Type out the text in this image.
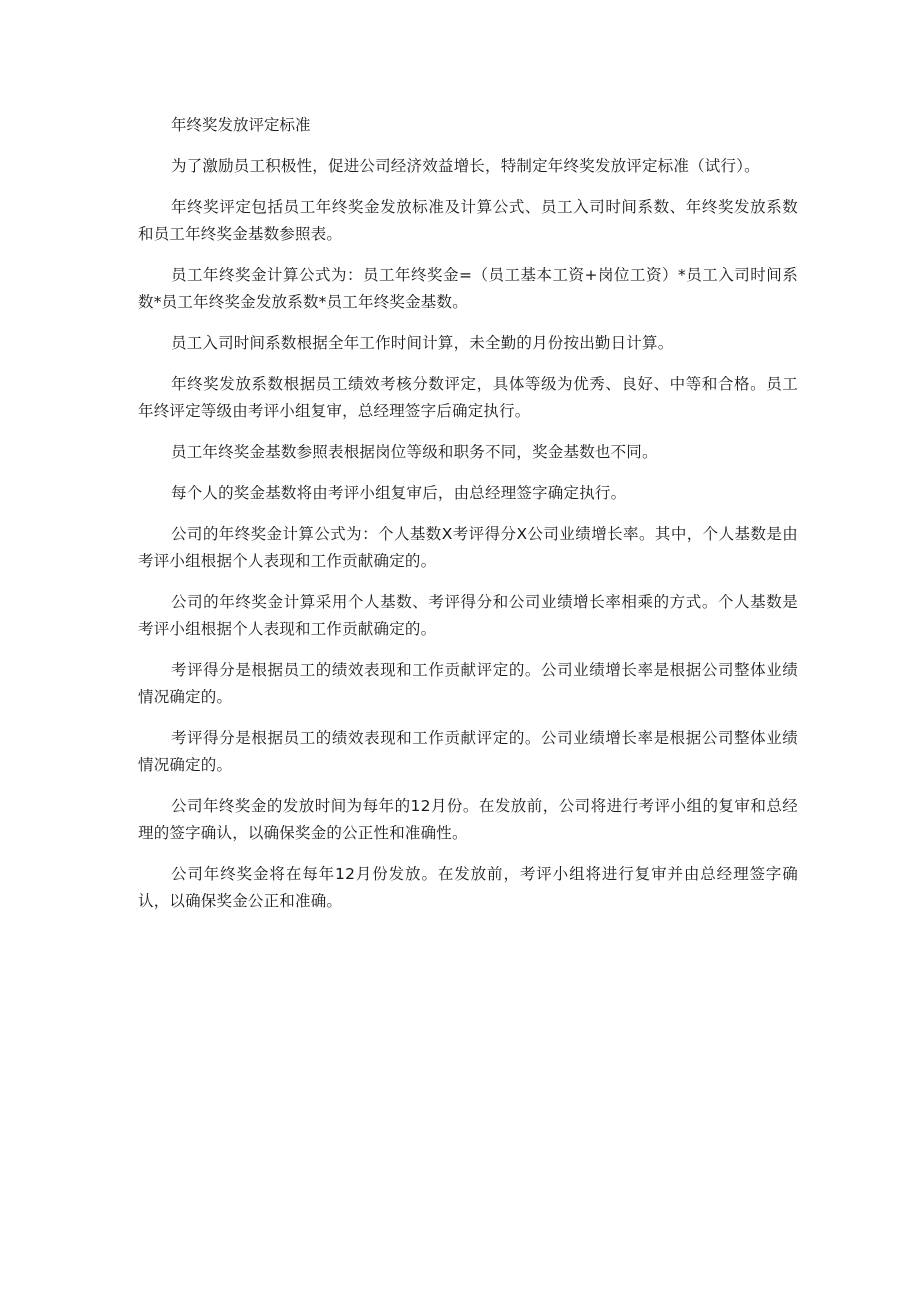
年终奖发放评定标准

为了激励员工积极性，促进公司经济效益增长，特制定年终奖发放评定标准（试行）。

年终奖评定包括员工年终奖金发放标准及计算公式、员工入司时间系数、年终奖发放系数和员工年终奖金基数参照表。

员工年终奖金计算公式为：员工年终奖金=（员工基本工资+岗位工资）*员工入司时间系数*员工年终奖金发放系数*员工年终奖金基数。

员工入司时间系数根据全年工作时间计算，未全勤的月份按出勤日计算。

年终奖发放系数根据员工绩效考核分数评定，具体等级为优秀、良好、中等和合格。员工年终评定等级由考评小组复审，总经理签字后确定执行。

员工年终奖金基数参照表根据岗位等级和职务不同，奖金基数也不同。

每个人的奖金基数将由考评小组复审后，由总经理签字确定执行。

公司的年终奖金计算公式为：个人基数X考评得分X公司业绩增长率。其中，个人基数是由考评小组根据个人表现和工作贡献确定的。

公司的年终奖金计算采用个人基数、考评得分和公司业绩增长率相乘的方式。个人基数是考评小组根据个人表现和工作贡献确定的。

考评得分是根据员工的绩效表现和工作贡献评定的。公司业绩增长率是根据公司整体业绩情况确定的。

考评得分是根据员工的绩效表现和工作贡献评定的。公司业绩增长率是根据公司整体业绩情况确定的。

公司年终奖金的发放时间为每年的12月份。在发放前，公司将进行考评小组的复审和总经理的签字确认，以确保奖金的公正性和准确性。

公司年终奖金将在每年12月份发放。在发放前，考评小组将进行复审并由总经理签字确认，以确保奖金公正和准确。
